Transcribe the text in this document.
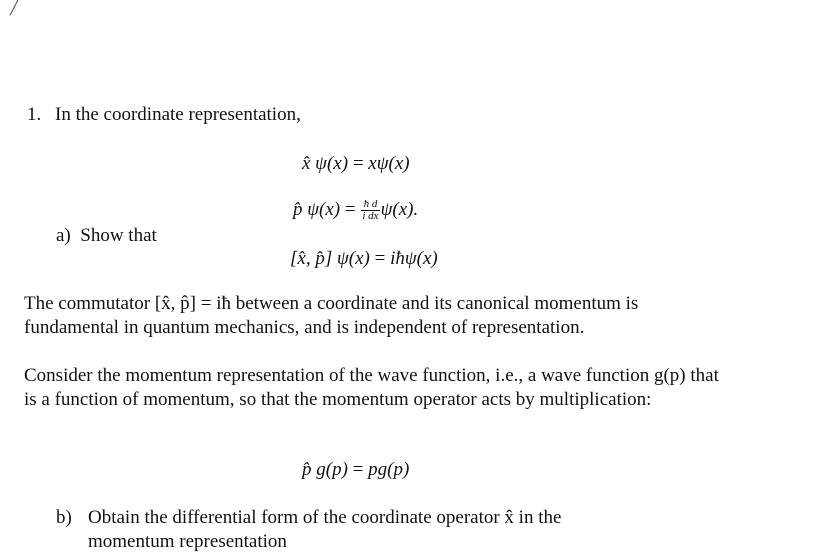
╱
1. In the coordinate representation,
x̂ ψ(x) = xψ(x)
p̂ $\psi(x) = \frac{\text{ħ d}}{\text{i dx}} \psi(x)$.
a) Show that
[x̂, p̂] ψ(x) = iħψ(x)
The commutator [x̂, p̂] = iħ between a coordinate and its canonical momentum is fundamental in quantum mechanics, and is independent of representation.
Consider the momentum representation of the wave function, i.e., a wave function g(p) that is a function of momentum, so that the momentum operator acts by multiplication:
p̂ g(p) = pg(p)
b) Obtain the differential form of the coordinate operator x̂ in the
momentum representation
